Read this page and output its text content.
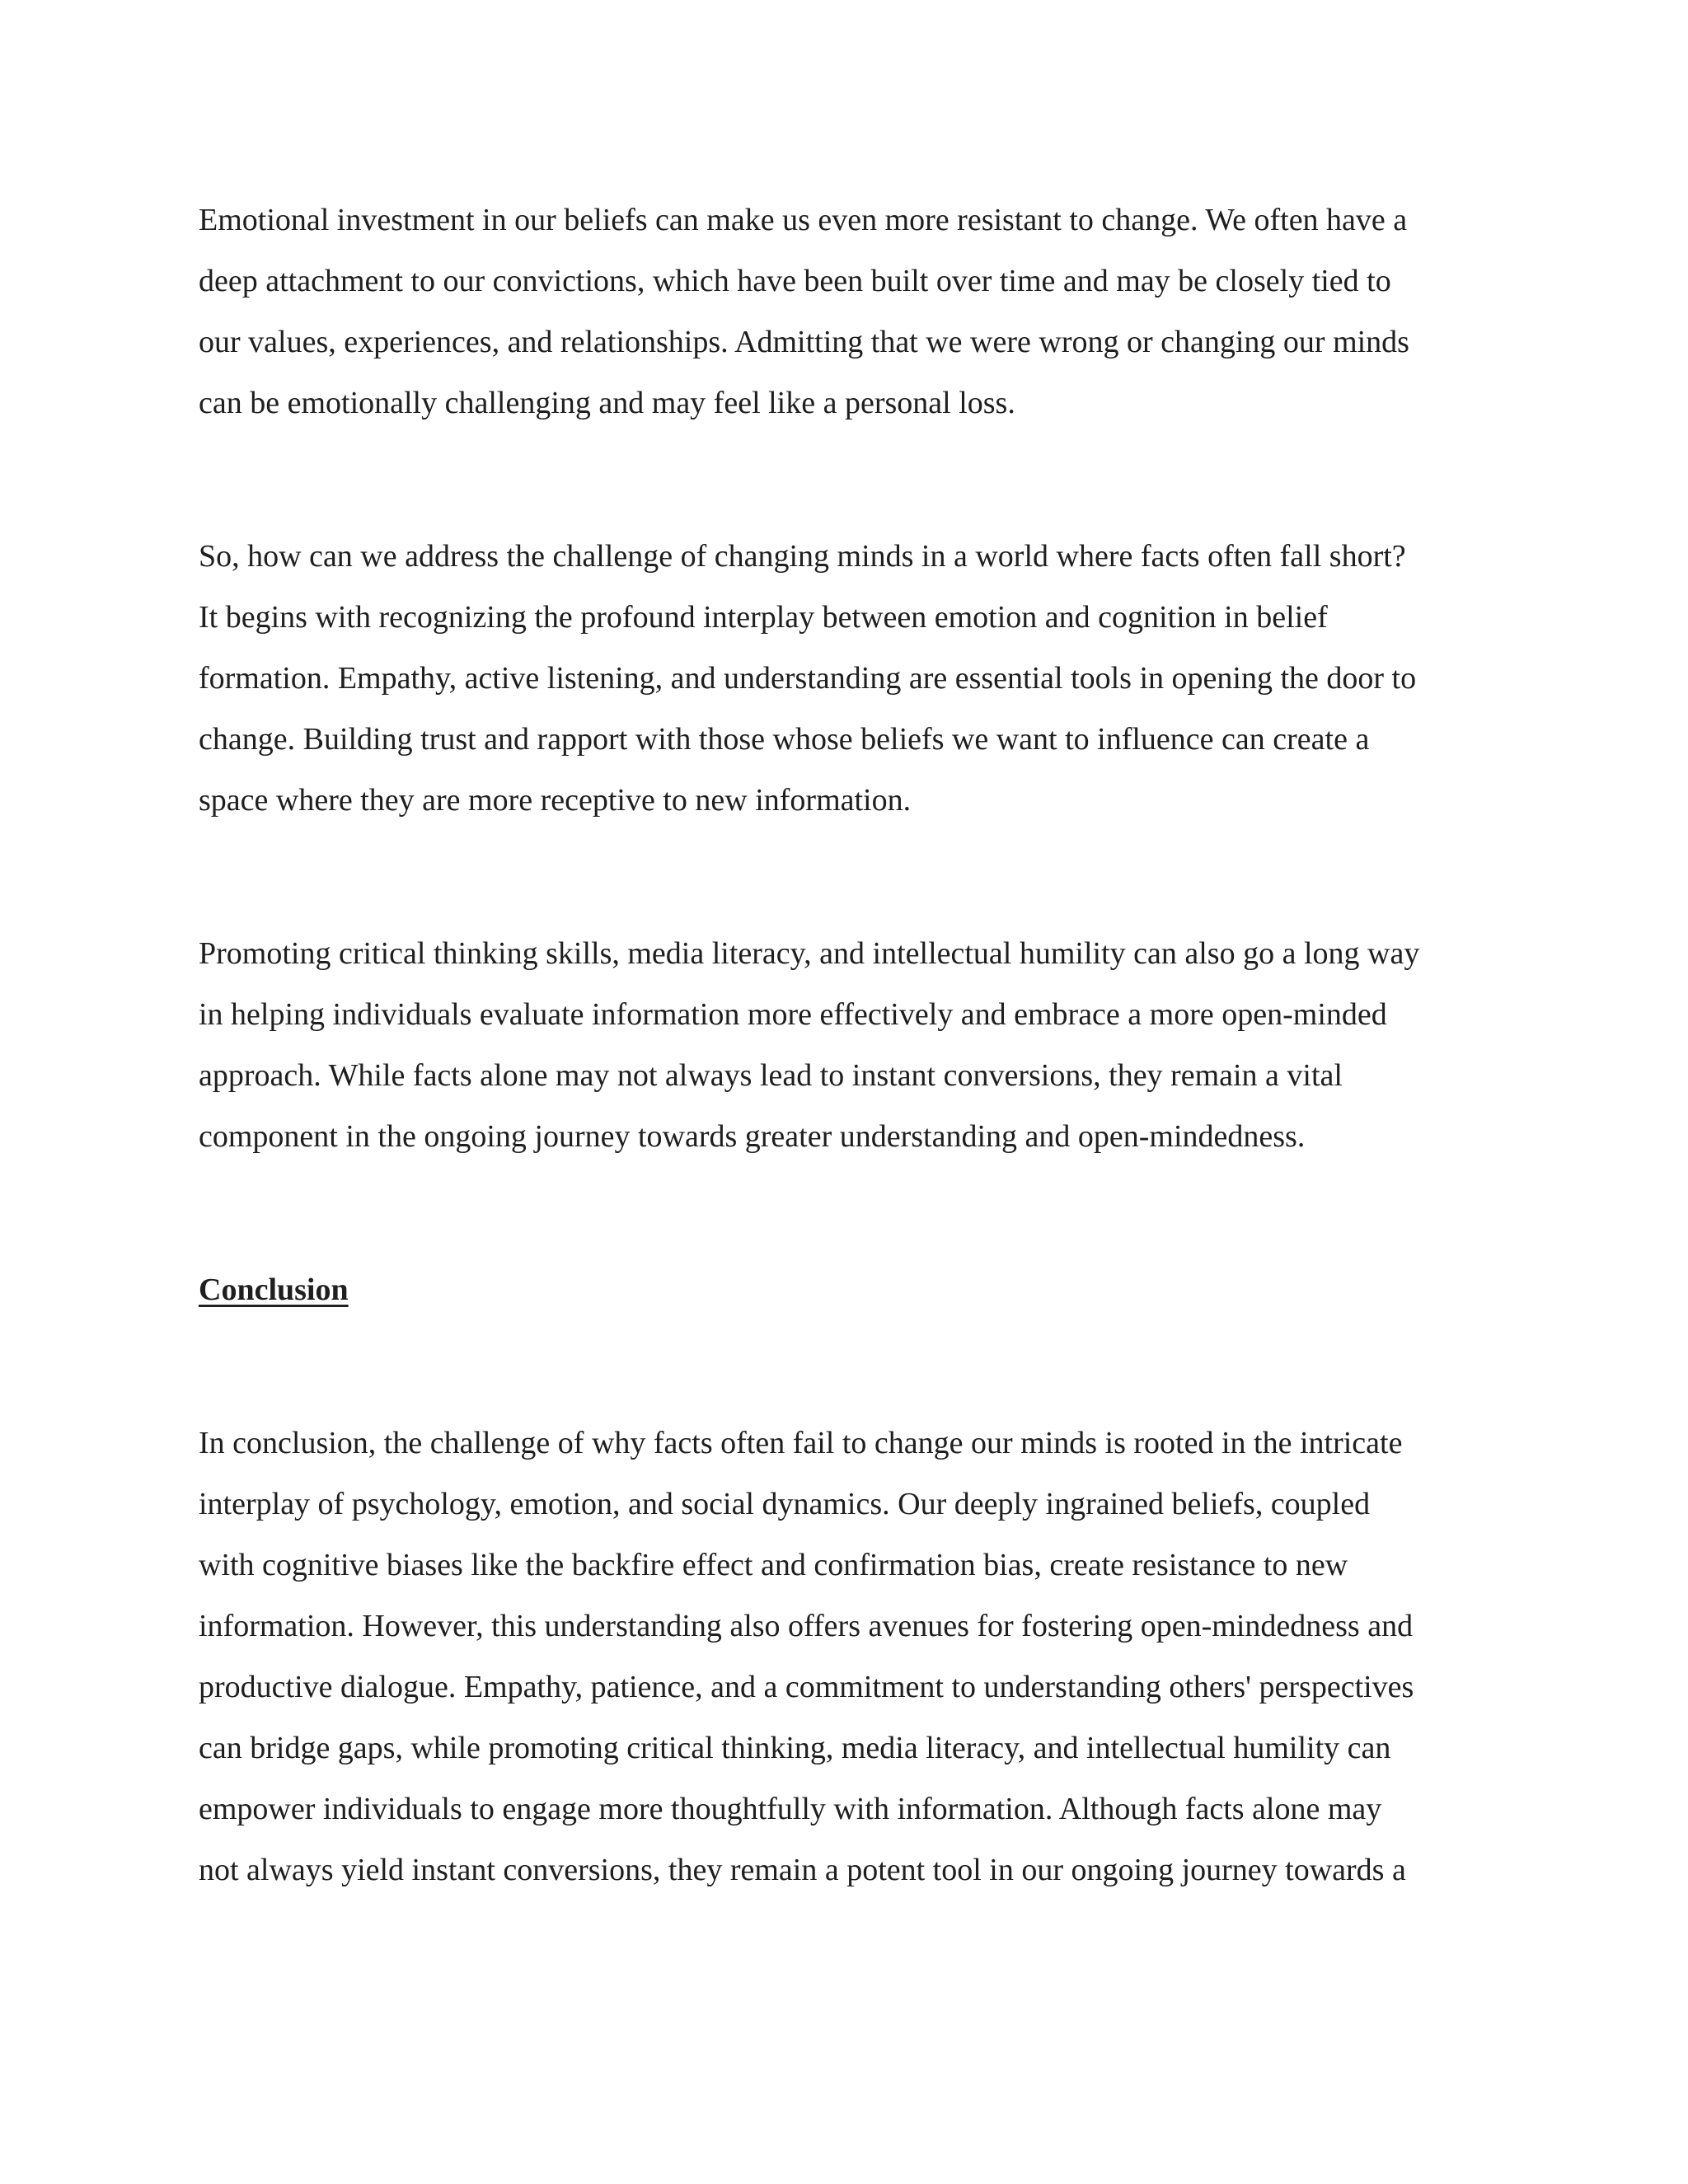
Emotional investment in our beliefs can make us even more resistant to change. We often have a
deep attachment to our convictions, which have been built over time and may be closely tied to
our values, experiences, and relationships. Admitting that we were wrong or changing our minds
can be emotionally challenging and may feel like a personal loss.
So, how can we address the challenge of changing minds in a world where facts often fall short?
It begins with recognizing the profound interplay between emotion and cognition in belief
formation. Empathy, active listening, and understanding are essential tools in opening the door to
change. Building trust and rapport with those whose beliefs we want to influence can create a
space where they are more receptive to new information.
Promoting critical thinking skills, media literacy, and intellectual humility can also go a long way
in helping individuals evaluate information more effectively and embrace a more open-minded
approach. While facts alone may not always lead to instant conversions, they remain a vital
component in the ongoing journey towards greater understanding and open-mindedness.
Conclusion
In conclusion, the challenge of why facts often fail to change our minds is rooted in the intricate
interplay of psychology, emotion, and social dynamics. Our deeply ingrained beliefs, coupled
with cognitive biases like the backfire effect and confirmation bias, create resistance to new
information. However, this understanding also offers avenues for fostering open-mindedness and
productive dialogue. Empathy, patience, and a commitment to understanding others' perspectives
can bridge gaps, while promoting critical thinking, media literacy, and intellectual humility can
empower individuals to engage more thoughtfully with information. Although facts alone may
not always yield instant conversions, they remain a potent tool in our ongoing journey towards a
